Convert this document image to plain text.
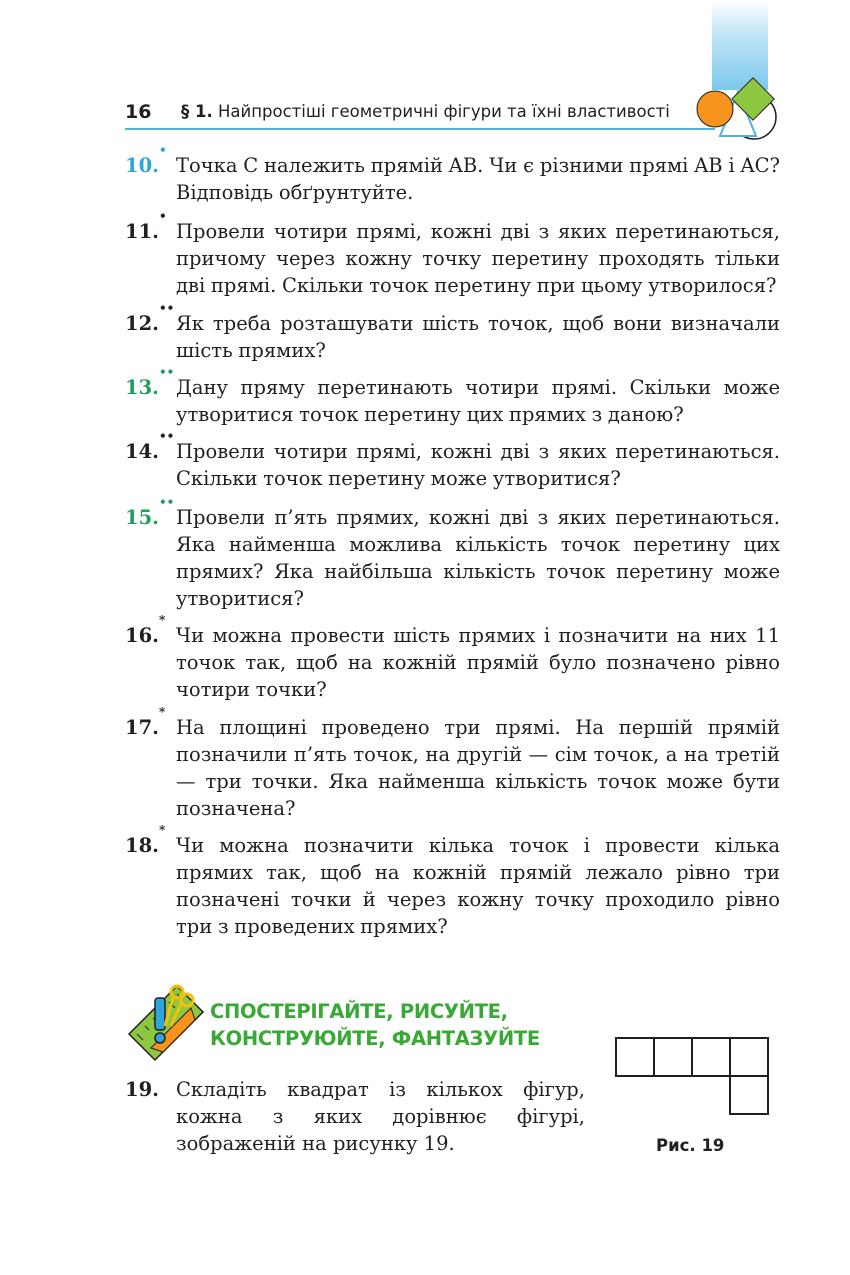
16 § 1. Найпростіші геометричні фігури та їхні властивості
10.•
Точка C належить прямій AB. Чи є різними прямі AB і AC? Відповідь обґрунтуйте.
11.•
Провели чотири прямі, кожні дві з яких перетинаються, причому через кожну точку перетину проходять тільки дві прямі. Скільки точок перетину при цьому утворилося?
12.••
Як треба розташувати шість точок, щоб вони визначали шість прямих?
13.••
Дану пряму перетинають чотири прямі. Скільки може утворитися точок перетину цих прямих з даною?
14.••
Провели чотири прямі, кожні дві з яких перетинаються. Скільки точок перетину може утворитися?
15.••
Провели п’ять прямих, кожні дві з яких перетинаються. Яка найменша можлива кількість точок перетину цих прямих? Яка найбільша кількість точок перетину може утворитися?
16.*
Чи можна провести шість прямих і позначити на них 11 точок так, щоб на кожній прямій було позначено рівно чотири точки?
17.*
На площині проведено три прямі. На першій прямій позначили п’ять точок, на другій — сім точок, а на третій — три точки. Яка найменша кількість точок може бути позначена?
18.*
Чи можна позначити кілька точок і провести кілька прямих так, щоб на кожній прямій лежало рівно три позначені точки й через кожну точку проходило рівно три з проведених прямих?
СПОСТЕРІГАЙТЕ, РИСУЙТЕ,
КОНСТРУЮЙТЕ, ФАНТАЗУЙТЕ
19. Складіть квадрат із кількох фігур, кожна з яких дорівнює фігурі, зображеній на рисунку 19.	Рис. 19
